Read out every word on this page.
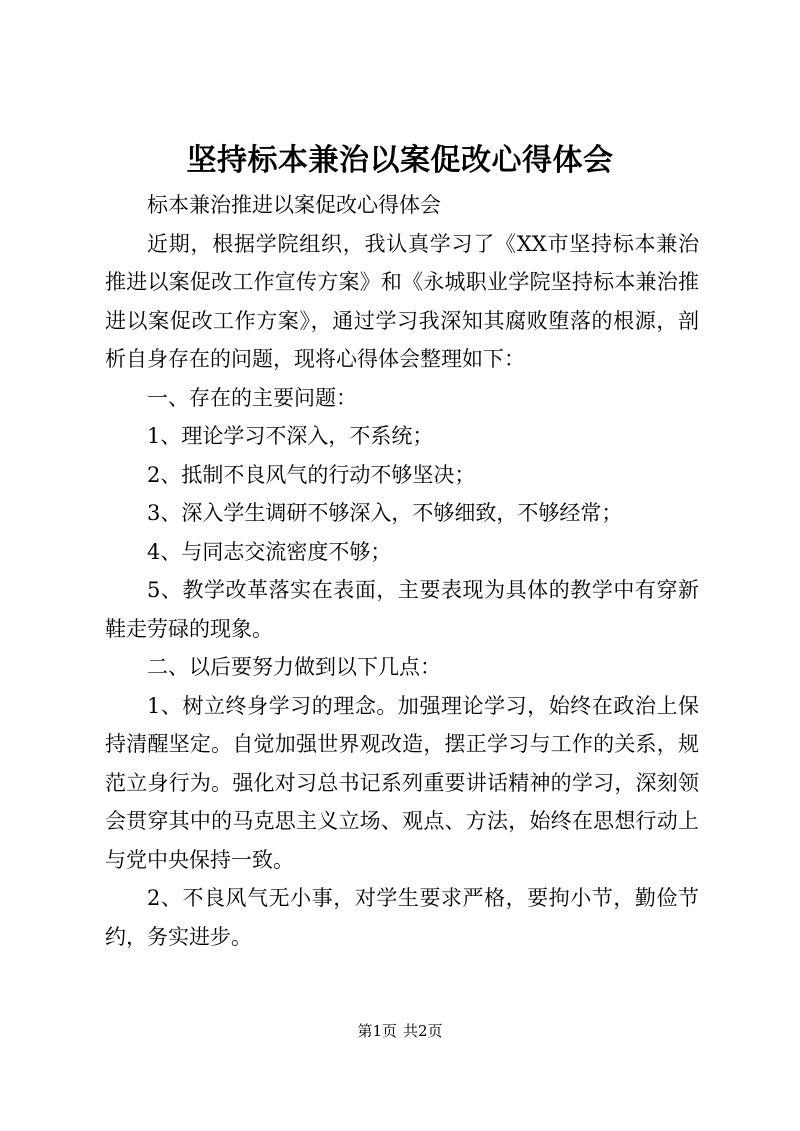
坚持标本兼治以案促改心得体会

标本兼治推进以案促改心得体会

近期，根据学院组织，我认真学习了《XX市坚持标本兼治推进以案促改工作宣传方案》和《永城职业学院坚持标本兼治推进以案促改工作方案》，通过学习我深知其腐败堕落的根源，剖析自身存在的问题，现将心得体会整理如下：

一、存在的主要问题：

1、理论学习不深入，不系统；

2、抵制不良风气的行动不够坚决；

3、深入学生调研不够深入，不够细致，不够经常；

4、与同志交流密度不够；

5、教学改革落实在表面，主要表现为具体的教学中有穿新鞋走劳碌的现象。

二、以后要努力做到以下几点：

1、树立终身学习的理念。加强理论学习，始终在政治上保持清醒坚定。自觉加强世界观改造，摆正学习与工作的关系，规范立身行为。强化对习总书记系列重要讲话精神的学习，深刻领会贯穿其中的马克思主义立场、观点、方法，始终在思想行动上与党中央保持一致。

2、不良风气无小事，对学生要求严格，要拘小节，勤俭节约，务实进步。

第1页 共2页
